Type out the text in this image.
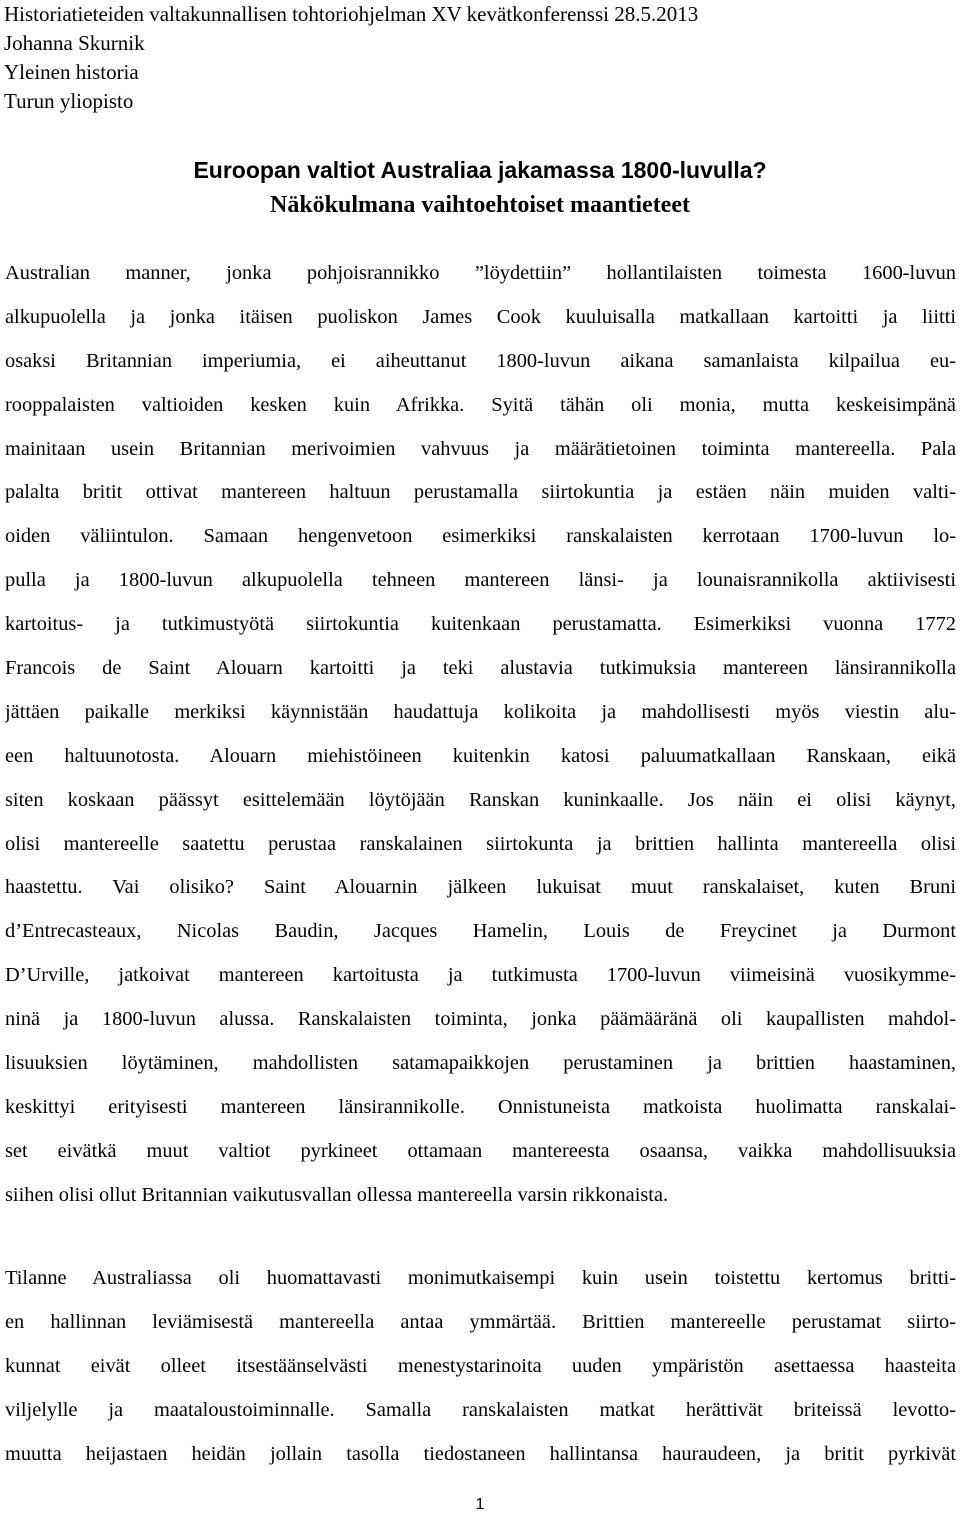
Historiatieteiden valtakunnallisen tohtoriohjelman XV kevätkonferenssi 28.5.2013
Johanna Skurnik
Yleinen historia
Turun yliopisto
Euroopan valtiot Australiaa jakamassa 1800-luvulla?
Näkökulmana vaihtoehtoiset maantieteet
Australian manner, jonka pohjoisrannikko ”löydettiin” hollantilaisten toimesta 1600-luvun
alkupuolella ja jonka itäisen puoliskon James Cook kuuluisalla matkallaan kartoitti ja liitti
osaksi Britannian imperiumia, ei aiheuttanut 1800-luvun aikana samanlaista kilpailua eu-
rooppalaisten valtioiden kesken kuin Afrikka. Syitä tähän oli monia, mutta keskeisimpänä
mainitaan usein Britannian merivoimien vahvuus ja määrätietoinen toiminta mantereella. Pala
palalta britit ottivat mantereen haltuun perustamalla siirtokuntia ja estäen näin muiden valti-
oiden väliintulon. Samaan hengenvetoon esimerkiksi ranskalaisten kerrotaan 1700-luvun lo-
pulla ja 1800-luvun alkupuolella tehneen mantereen länsi- ja lounaisrannikolla aktiivisesti
kartoitus- ja tutkimustyötä siirtokuntia kuitenkaan perustamatta. Esimerkiksi vuonna 1772
Francois de Saint Alouarn kartoitti ja teki alustavia tutkimuksia mantereen länsirannikolla
jättäen paikalle merkiksi käynnistään haudattuja kolikoita ja mahdollisesti myös viestin alu-
een haltuunotosta. Alouarn miehistöineen kuitenkin katosi paluumatkallaan Ranskaan, eikä
siten koskaan päässyt esittelemään löytöjään Ranskan kuninkaalle. Jos näin ei olisi käynyt,
olisi mantereelle saatettu perustaa ranskalainen siirtokunta ja brittien hallinta mantereella olisi
haastettu. Vai olisiko? Saint Alouarnin jälkeen lukuisat muut ranskalaiset, kuten Bruni
d’Entrecasteaux, Nicolas Baudin, Jacques Hamelin, Louis de Freycinet ja Durmont
D’Urville, jatkoivat mantereen kartoitusta ja tutkimusta 1700-luvun viimeisinä vuosikymme-
ninä ja 1800-luvun alussa. Ranskalaisten toiminta, jonka päämääränä oli kaupallisten mahdol-
lisuuksien löytäminen, mahdollisten satamapaikkojen perustaminen ja brittien haastaminen,
keskittyi erityisesti mantereen länsirannikolle. Onnistuneista matkoista huolimatta ranskalai-
set eivätkä muut valtiot pyrkineet ottamaan mantereesta osaansa, vaikka mahdollisuuksia
siihen olisi ollut Britannian vaikutusvallan ollessa mantereella varsin rikkonaista.
Tilanne Australiassa oli huomattavasti monimutkaisempi kuin usein toistettu kertomus britti-
en hallinnan leviämisestä mantereella antaa ymmärtää. Brittien mantereelle perustamat siirto-
kunnat eivät olleet itsestäänselvästi menestystarinoita uuden ympäristön asettaessa haasteita
viljelylle ja maataloustoiminnalle. Samalla ranskalaisten matkat herättivät briteissä levotto-
muutta heijastaen heidän jollain tasolla tiedostaneen hallintansa hauraudeen, ja britit pyrkivät
1
